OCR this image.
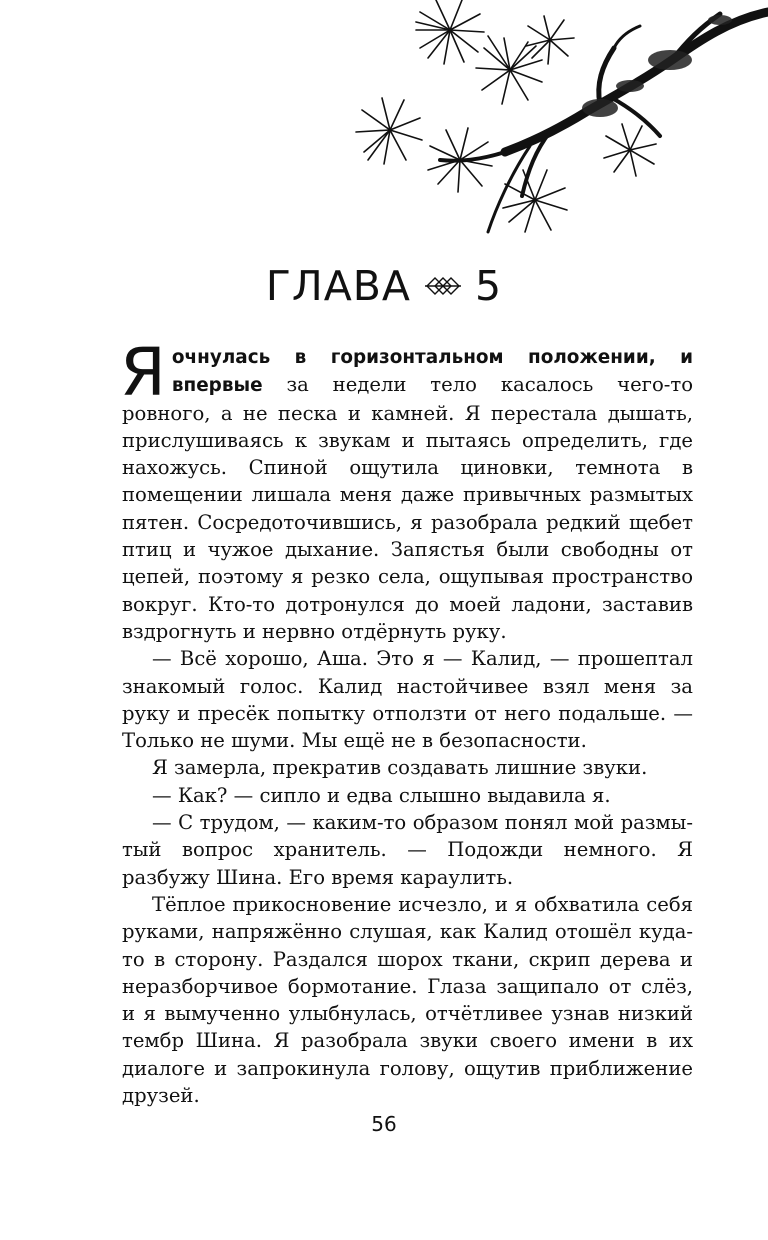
ГЛАВА 5

Яочнулась в горизонтальном положении, и впервые за недели тело касалось чего-то ровного, а не песка и камней. Я перестала дышать, прислушиваясь к звукам и пытаясь определить, где нахожусь. Спиной ощутила циновки, темнота в помещении лишала меня даже привычных размытых пятен. Сосредоточившись, я разобрала редкий щебет птиц и чужое дыхание. Запястья были свободны от цепей, поэтому я резко села, ощупывая пространство вокруг. Кто-то дотронулся до моей ладони, заставив вздрогнуть и нервно отдёрнуть руку.

— Всё хорошо, Аша. Это я — Калид, — прошептал знакомый голос. Калид настойчивее взял меня за руку и пресёк попытку отползти от него подальше. — Только не шуми. Мы ещё не в безопасности.

Я замерла, прекратив создавать лишние звуки.

— Как? — сипло и едва слышно выдавила я.

— С трудом, — каким-то образом понял мой размытый вопрос хранитель. — Подожди немного. Я разбужу Шина. Его время караулить.

Тёплое прикосновение исчезло, и я обхватила себя руками, напряжённо слушая, как Калид отошёл куда-то в сторону. Раздался шорох ткани, скрип дерева и неразборчивое бормотание. Глаза защипало от слёз, и я вымученно улыбнулась, отчётливее узнав низкий тембр Шина. Я разобрала звуки своего имени в их диалоге и запрокинула голову, ощутив приближение друзей.

56
